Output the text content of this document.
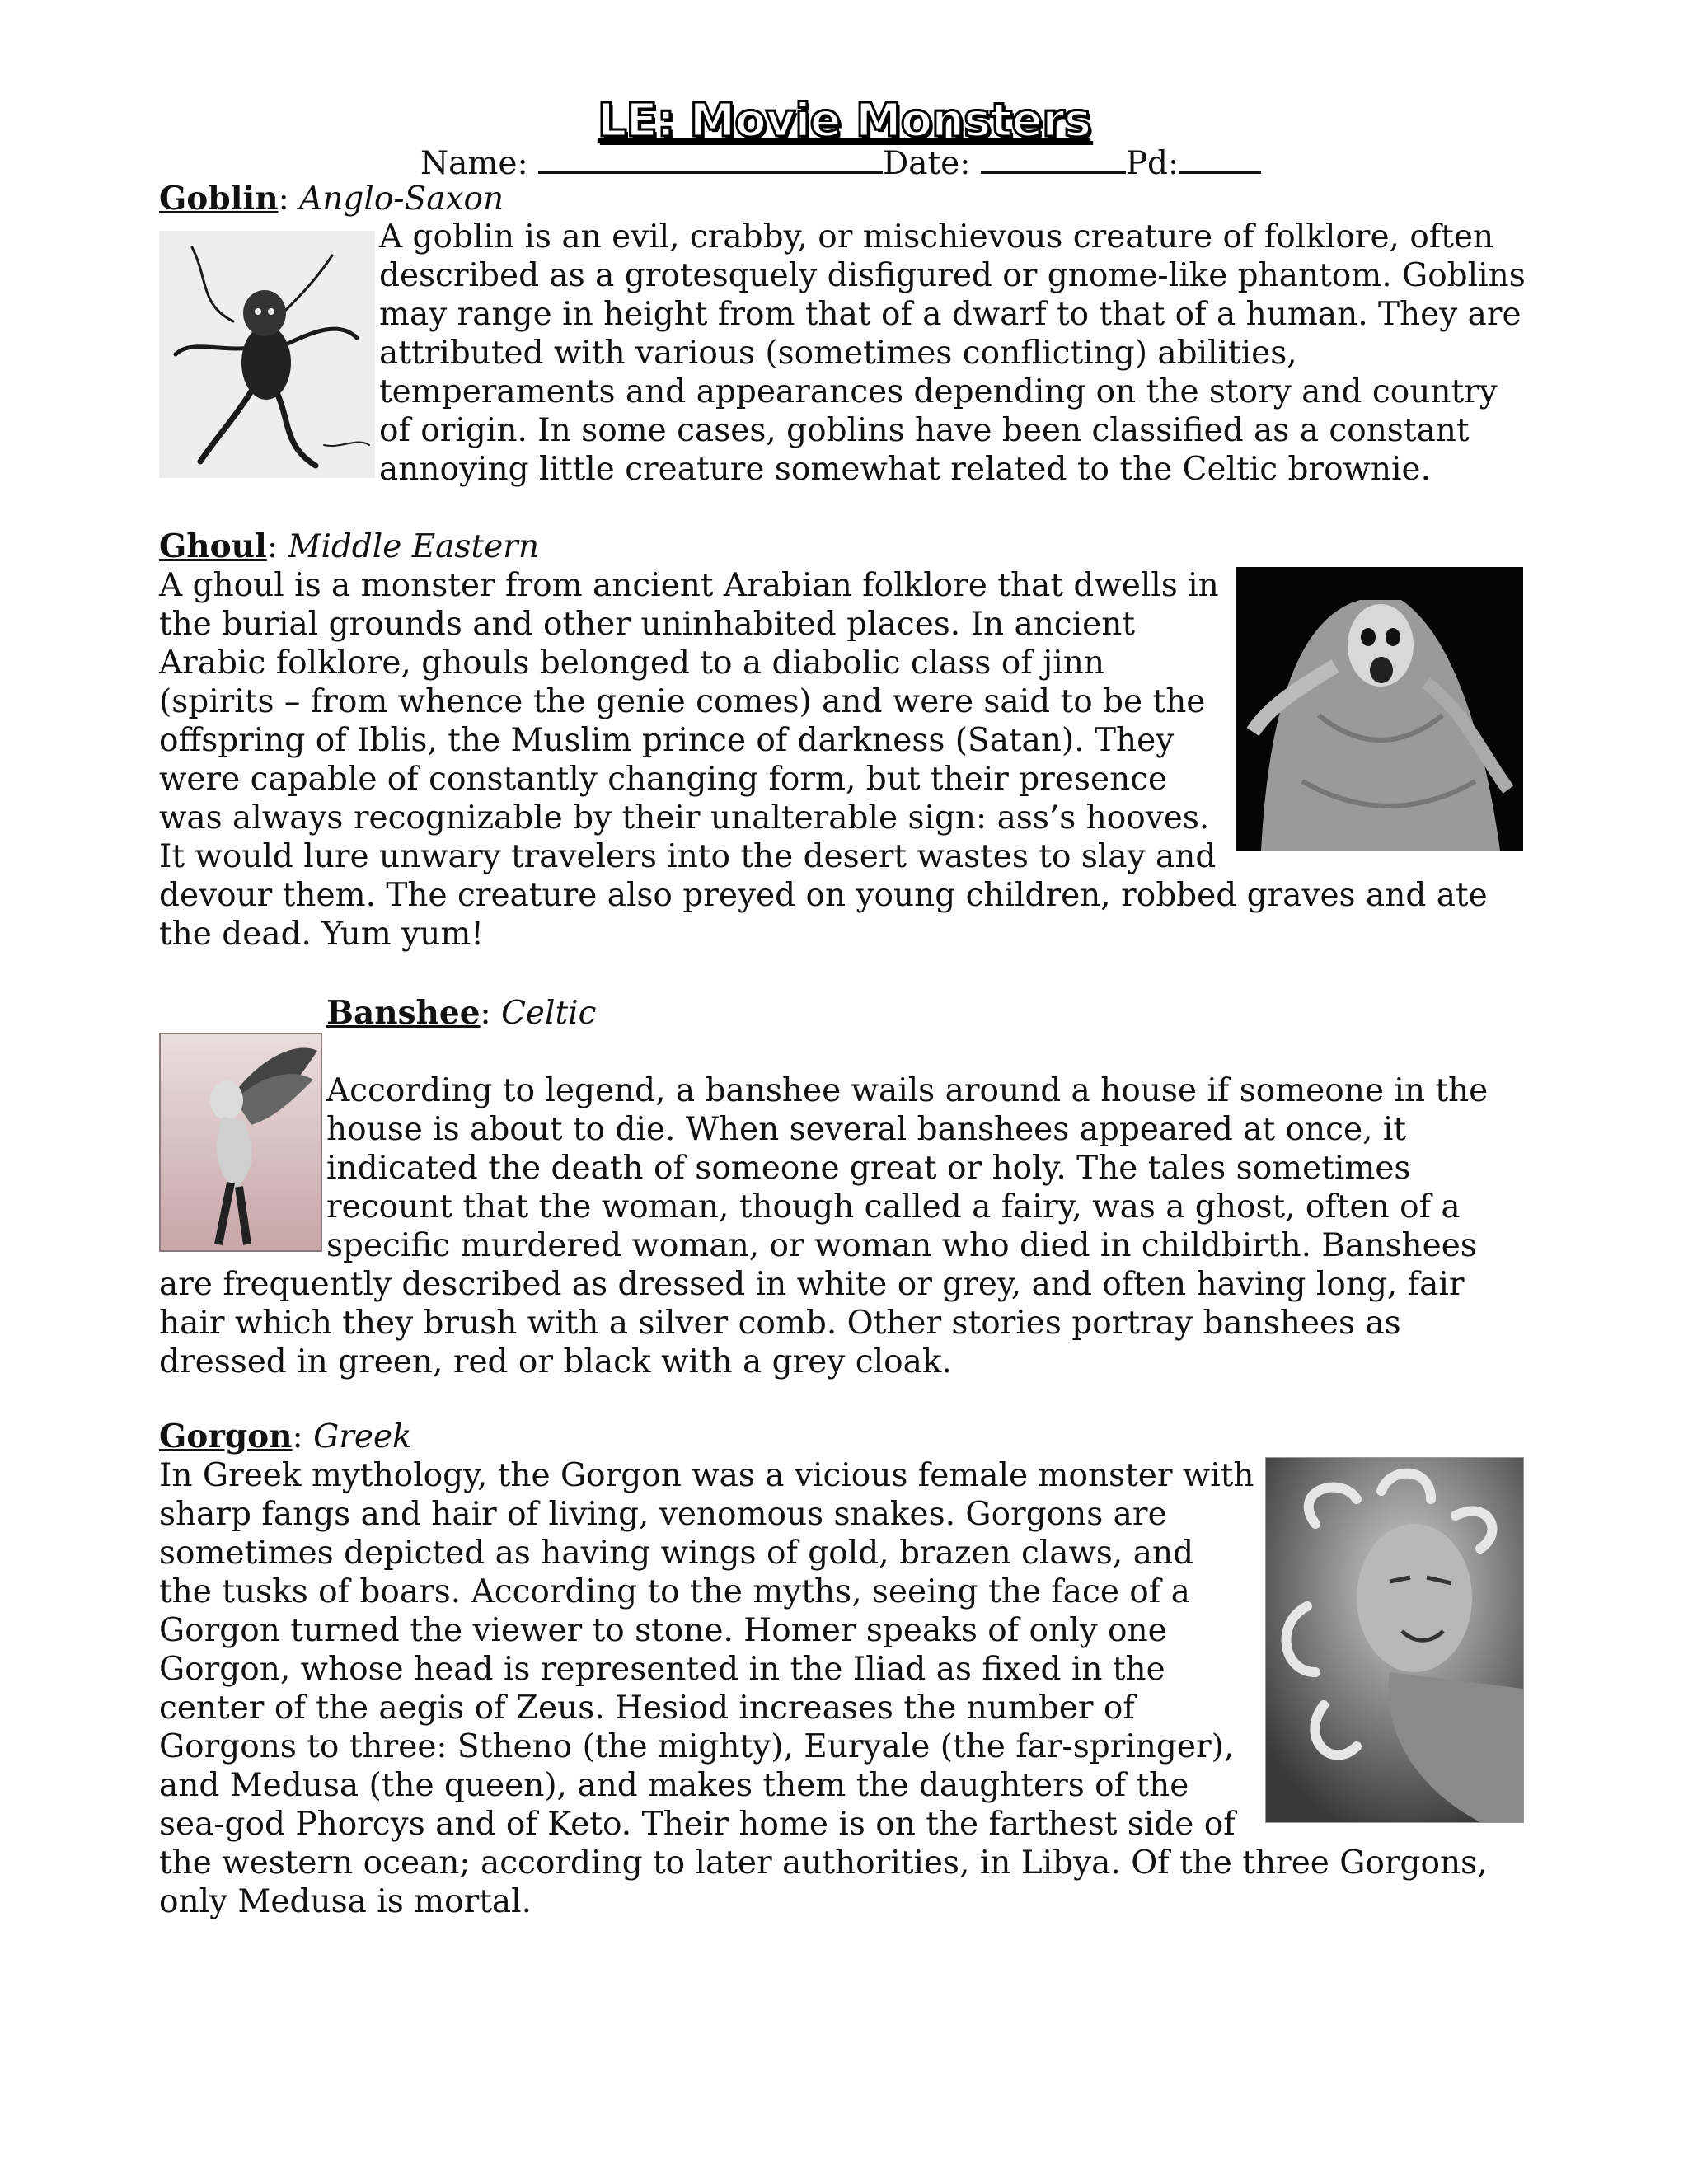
LE: Movie Monsters
Name:	Date:	Pd:
Goblin: Anglo-Saxon

A goblin is an evil, crabby, or mischievous creature of folklore, often described as a grotesquely disfigured or gnome-like phantom. Goblins may range in height from that of a dwarf to that of a human. They are attributed with various (sometimes conflicting) abilities, temperaments and appearances depending on the story and country of origin. In some cases, goblins have been classified as a constant annoying little creature somewhat related to the Celtic brownie.

Ghoul: Middle Eastern

A ghoul is a monster from ancient Arabian folklore that dwells in the burial grounds and other uninhabited places. In ancient Arabic folklore, ghouls belonged to a diabolic class of jinn (spirits – from whence the genie comes) and were said to be the offspring of Iblis, the Muslim prince of darkness (Satan). They were capable of constantly changing form, but their presence was always recognizable by their unalterable sign: ass’s hooves. It would lure unwary travelers into the desert wastes to slay and devour them. The creature also preyed on young children, robbed graves and ate the dead. Yum yum!

Banshee: Celtic

According to legend, a banshee wails around a house if someone in the house is about to die. When several banshees appeared at once, it indicated the death of someone great or holy. The tales sometimes recount that the woman, though called a fairy, was a ghost, often of a specific murdered woman, or woman who died in childbirth. Banshees are frequently described as dressed in white or grey, and often having long, fair hair which they brush with a silver comb. Other stories portray banshees as dressed in green, red or black with a grey cloak.

Gorgon: Greek

In Greek mythology, the Gorgon was a vicious female monster with sharp fangs and hair of living, venomous snakes. Gorgons are sometimes depicted as having wings of gold, brazen claws, and the tusks of boars. According to the myths, seeing the face of a Gorgon turned the viewer to stone. Homer speaks of only one Gorgon, whose head is represented in the Iliad as fixed in the center of the aegis of Zeus. Hesiod increases the number of Gorgons to three: Stheno (the mighty), Euryale (the far-springer), and Medusa (the queen), and makes them the daughters of the sea-god Phorcys and of Keto. Their home is on the farthest side of the western ocean; according to later authorities, in Libya. Of the three Gorgons, only Medusa is mortal.
